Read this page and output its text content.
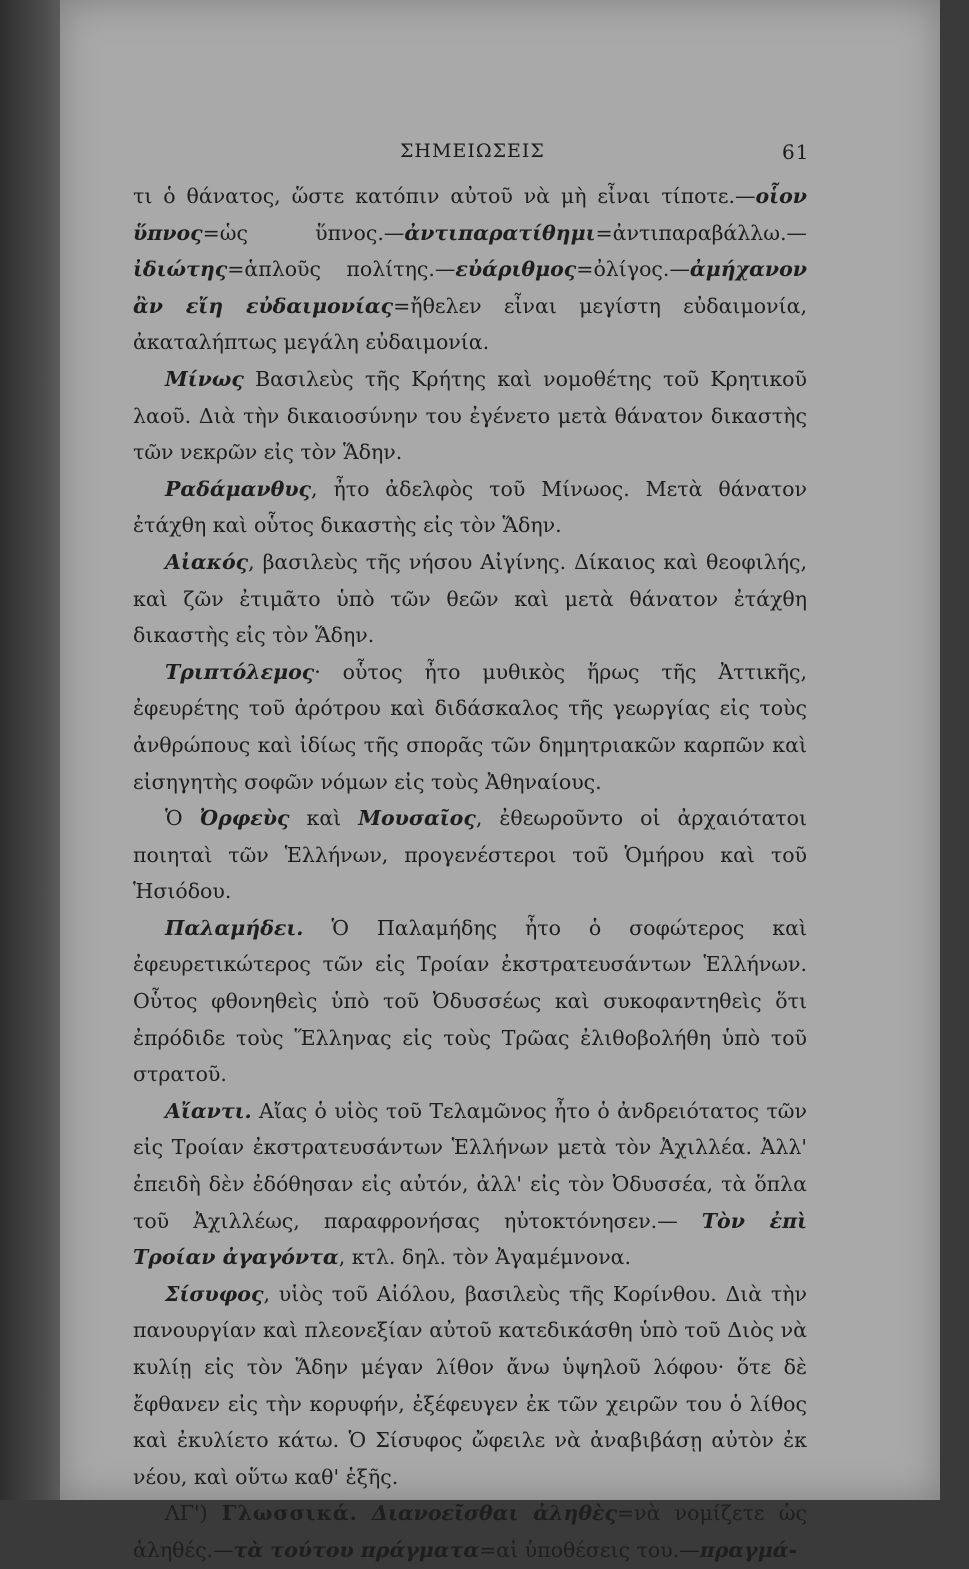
ΣΗΜΕΙΩΣΕΙΣ	61

τι ὁ θάνατος, ὥστε κατόπιν αὐτοῦ νὰ μὴ εἶναι τίποτε.—οἷον ὕπνος=ὡς ὕπνος.—ἀντιπαρατίθημι=ἀντιπαραβάλλω.— ἰδιώτης=ἁπλοῦς πολίτης.—εὐάριθμος=ὀλίγος.—ἀμήχανον ἂν εἴη εὐδαιμονίας=ἤθελεν εἶναι μεγίστη εὐδαιμονία, ἀκαταλήπτως μεγάλη εὐδαιμονία.

Μίνως Βασιλεὺς τῆς Κρήτης καὶ νομοθέτης τοῦ Κρητικοῦ λαοῦ. Διὰ τὴν δικαιοσύνην του ἐγένετο μετὰ θάνατον δικαστὴς τῶν νεκρῶν εἰς τὸν Ἅδην.

Ραδάμανθυς, ἦτο ἀδελφὸς τοῦ Μίνωος. Μετὰ θάνατον ἐτάχθη καὶ οὗτος δικαστὴς εἰς τὸν Ἅδην.

Αἰακός, βασιλεὺς τῆς νήσου Αἰγίνης. Δίκαιος καὶ θεοφιλής, καὶ ζῶν ἐτιμᾶτο ὑπὸ τῶν θεῶν καὶ μετὰ θάνατον ἐτάχθη δικαστὴς εἰς τὸν Ἅδην.

Τριπτόλεμος· οὗτος ἦτο μυθικὸς ἥρως τῆς Ἀττικῆς, ἐφευρέτης τοῦ ἀρότρου καὶ διδάσκαλος τῆς γεωργίας εἰς τοὺς ἀνθρώπους καὶ ἰδίως τῆς σπορᾶς τῶν δημητριακῶν καρπῶν καὶ εἰσηγητὴς σοφῶν νόμων εἰς τοὺς Ἀθηναίους.

Ὁ Ὀρφεὺς καὶ Μουσαῖος, ἐθεωροῦντο οἱ ἀρχαιότατοι ποιηταὶ τῶν Ἑλλήνων, προγενέστεροι τοῦ Ὁμήρου καὶ τοῦ Ἡσιόδου.

Παλαμήδει. Ὁ Παλαμήδης ἦτο ὁ σοφώτερος καὶ ἐφευρετικώτερος τῶν εἰς Τροίαν ἐκστρατευσάντων Ἑλλήνων. Οὗτος φθονηθεὶς ὑπὸ τοῦ Ὀδυσσέως καὶ συκοφαντηθεὶς ὅτι ἐπρόδιδε τοὺς Ἕλληνας εἰς τοὺς Τρῶας ἐλιθοβολήθη ὑπὸ τοῦ στρατοῦ.

Αἴαντι. Αἴας ὁ υἱὸς τοῦ Τελαμῶνος ἦτο ὁ ἀνδρειότατος τῶν εἰς Τροίαν ἐκστρατευσάντων Ἑλλήνων μετὰ τὸν Ἀχιλλέα. Ἀλλ' ἐπειδὴ δὲν ἐδόθησαν εἰς αὐτόν, ἀλλ' εἰς τὸν Ὀδυσσέα, τὰ ὅπλα τοῦ Ἀχιλλέως, παραφρονήσας ηὐτοκτόνησεν.— Τὸν ἐπὶ Τροίαν ἀγαγόντα, κτλ. δηλ. τὸν Ἀγαμέμνονα.

Σίσυφος, υἱὸς τοῦ Αἰόλου, βασιλεὺς τῆς Κορίνθου. Διὰ τὴν πανουργίαν καὶ πλεονεξίαν αὐτοῦ κατεδικάσθη ὑπὸ τοῦ Διὸς νὰ κυλίῃ εἰς τὸν Ἅδην μέγαν λίθον ἄνω ὑψηλοῦ λόφου· ὅτε δὲ ἔφθανεν εἰς τὴν κορυφήν, ἐξέφευγεν ἐκ τῶν χειρῶν του ὁ λίθος καὶ ἐκυλίετο κάτω. Ὁ Σίσυφος ὤφειλε νὰ ἀναβιβάσῃ αὐτὸν ἐκ νέου, καὶ οὕτω καθ' ἑξῆς.

ΛΓ') Γλωσσικά. Διανοεῖσθαι ἀληθὲς=νὰ νομίζετε ὡς ἀληθές.—τὰ τούτου πράγματα=αἱ ὑποθέσεις του.—πραγμά-
